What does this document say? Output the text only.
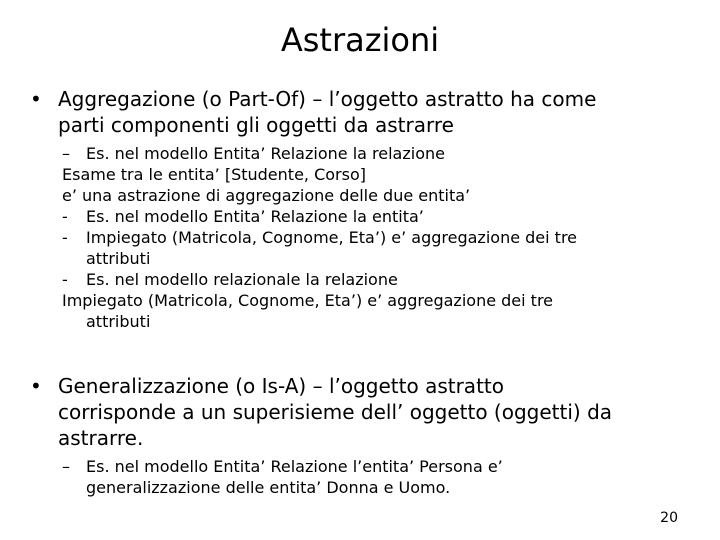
Astrazioni
• Aggregazione (o Part-Of) – l’oggetto astratto ha come
parti componenti gli oggetti da astrarre
– Es. nel modello Entita’ Relazione la relazione
Esame tra le entita’ [Studente, Corso]
e’ una astrazione di aggregazione delle due entita’
- Es. nel modello Entita’ Relazione la entita’
- Impiegato (Matricola, Cognome, Eta’) e’ aggregazione dei tre
attributi
- Es. nel modello relazionale la relazione
Impiegato (Matricola, Cognome, Eta’) e’ aggregazione dei tre
attributi
• Generalizzazione (o Is-A) – l’oggetto astratto
corrisponde a un superisieme dell’ oggetto (oggetti) da
astrarre.
– Es. nel modello Entita’ Relazione l’entita’ Persona e’
generalizzazione delle entita’ Donna e Uomo.
20
